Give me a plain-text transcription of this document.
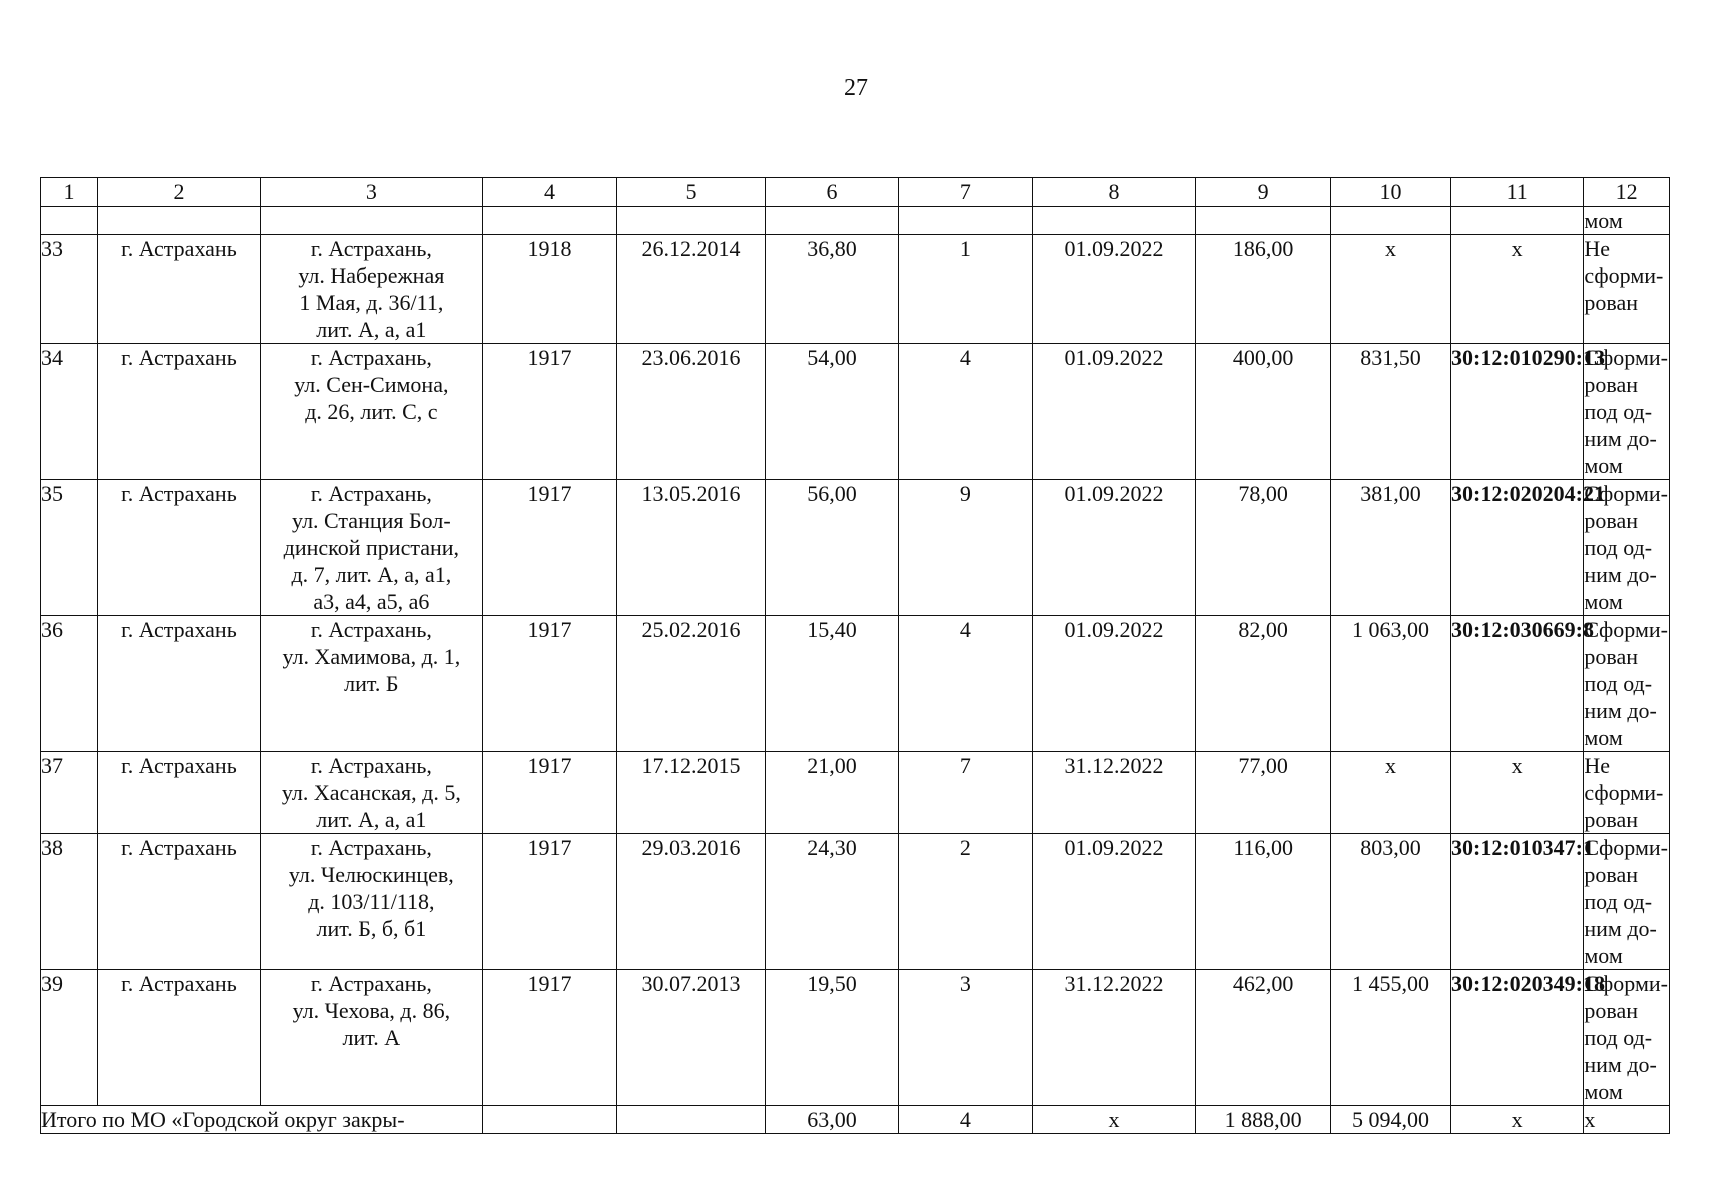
27
1	2	3	4	5	6	7	8	9	10	11	12
											мом

33	г. Астрахань	г. Астрахань,
ул. Набережная
1 Мая, д. 36/11,
лит. А, а, а1	1918	26.12.2014	36,80	1	01.09.2022	186,00	х	х	Не
сформи-
рован

34	г. Астрахань	г. Астрахань,
ул. Сен-Симона,
д. 26, лит. С, с	1917	23.06.2016	54,00	4	01.09.2022	400,00	831,50	30:12:010290:13	Сформи-
рован
под од-
ним до-
мом

35	г. Астрахань	г. Астрахань,
ул. Станция Бол-
динской пристани,
д. 7, лит. А, а, а1,
а3, а4, а5, а6	1917	13.05.2016	56,00	9	01.09.2022	78,00	381,00	30:12:020204:21	Сформи-
рован
под од-
ним до-
мом

36	г. Астрахань	г. Астрахань,
ул. Хамимова, д. 1,
лит. Б	1917	25.02.2016	15,40	4	01.09.2022	82,00	1 063,00	30:12:030669:8	Сформи-
рован
под од-
ним до-
мом

37	г. Астрахань	г. Астрахань,
ул. Хасанская, д. 5,
лит. А, а, а1	1917	17.12.2015	21,00	7	31.12.2022	77,00	х	х	Не
сформи-
рован

38	г. Астрахань	г. Астрахань,
ул. Челюскинцев,
д. 103/11/118,
лит. Б, б, б1	1917	29.03.2016	24,30	2	01.09.2022	116,00	803,00	30:12:010347:1	Сформи-
рован
под од-
ним до-
мом

39	г. Астрахань	г. Астрахань,
ул. Чехова, д. 86,
лит. А	1917	30.07.2013	19,50	3	31.12.2022	462,00	1 455,00	30:12:020349:18	Сформи-
рован
под од-
ним до-
мом

Итого по МО «Городской округ закры-					63,00	4	х	1 888,00	5 094,00	х	х
